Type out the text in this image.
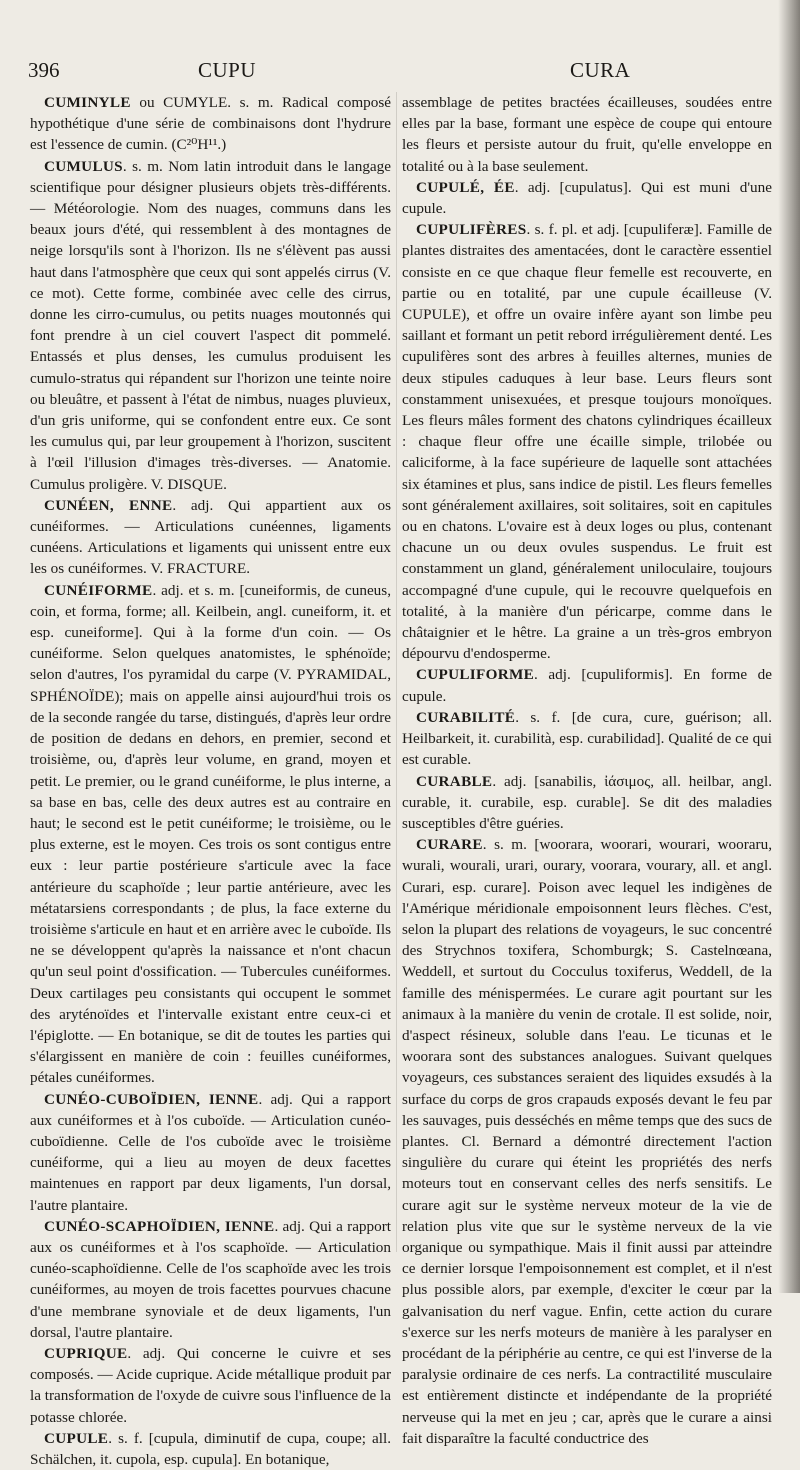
396	CUPU	CURA

CUMINYLE ou CUMYLE. s. m. Radical composé hypothétique d'une série de combinaisons dont l'hydrure est l'essence de cumin. (C²⁰H¹¹.)

CUMULUS. s. m. Nom latin introduit dans le langage scientifique pour désigner plusieurs objets très-différents.— Météorologie. Nom des nuages, communs dans les beaux jours d'été, qui ressemblent à des montagnes de neige lorsqu'ils sont à l'horizon. Ils ne s'élèvent pas aussi haut dans l'atmosphère que ceux qui sont appelés cirrus (V. ce mot). Cette forme, combinée avec celle des cirrus, donne les cirro-cumulus, ou petits nuages moutonnés qui font prendre à un ciel couvert l'aspect dit pommelé. Entassés et plus denses, les cumulus produisent les cumulo-stratus qui répandent sur l'horizon une teinte noire ou bleuâtre, et passent à l'état de nimbus, nuages pluvieux, d'un gris uniforme, qui se confondent entre eux. Ce sont les cumulus qui, par leur groupement à l'horizon, suscitent à l'œil l'illusion d'images très-diverses. — Anatomie. Cumulus proligère. V. DISQUE.

CUNÉEN, ENNE. adj. Qui appartient aux os cunéiformes. — Articulations cunéennes, ligaments cunéens. Articulations et ligaments qui unissent entre eux les os cunéiformes. V. FRACTURE.

CUNÉIFORME. adj. et s. m. [cuneiformis, de cuneus, coin, et forma, forme; all. Keilbein, angl. cuneiform, it. et esp. cuneiforme]. Qui à la forme d'un coin. — Os cunéiforme. Selon quelques anatomistes, le sphénoïde; selon d'autres, l'os pyramidal du carpe (V. PYRAMIDAL, SPHÉNOÏDE); mais on appelle ainsi aujourd'hui trois os de la seconde rangée du tarse, distingués, d'après leur ordre de position de dedans en dehors, en premier, second et troisième, ou, d'après leur volume, en grand, moyen et petit. Le premier, ou le grand cunéiforme, le plus interne, a sa base en bas, celle des deux autres est au contraire en haut; le second est le petit cunéiforme; le troisième, ou le plus externe, est le moyen. Ces trois os sont contigus entre eux : leur partie postérieure s'articule avec la face antérieure du scaphoïde ; leur partie antérieure, avec les métatarsiens correspondants ; de plus, la face externe du troisième s'articule en haut et en arrière avec le cuboïde. Ils ne se développent qu'après la naissance et n'ont chacun qu'un seul point d'ossification. — Tubercules cunéiformes. Deux cartilages peu consistants qui occupent le sommet des aryténoïdes et l'intervalle existant entre ceux-ci et l'épiglotte. — En botanique, se dit de toutes les parties qui s'élargissent en manière de coin : feuilles cunéiformes, pétales cunéiformes.

CUNÉO-CUBOÏDIEN, IENNE. adj. Qui a rapport aux cunéiformes et à l'os cuboïde. — Articulation cunéo-cuboïdienne. Celle de l'os cuboïde avec le troisième cunéiforme, qui a lieu au moyen de deux facettes maintenues en rapport par deux ligaments, l'un dorsal, l'autre plantaire.

CUNÉO-SCAPHOÏDIEN, IENNE. adj. Qui a rapport aux os cunéiformes et à l'os scaphoïde. — Articulation cunéo-scaphoïdienne. Celle de l'os scaphoïde avec les trois cunéiformes, au moyen de trois facettes pourvues chacune d'une membrane synoviale et de deux ligaments, l'un dorsal, l'autre plantaire.

CUPRIQUE. adj. Qui concerne le cuivre et ses composés. — Acide cuprique. Acide métallique produit par la transformation de l'oxyde de cuivre sous l'influence de la potasse chlorée.

CUPULE. s. f. [cupula, diminutif de cupa, coupe; all. Schälchen, it. cupola, esp. cupula]. En botanique,

assemblage de petites bractées écailleuses, soudées entre elles par la base, formant une espèce de coupe qui entoure les fleurs et persiste autour du fruit, qu'elle enveloppe en totalité ou à la base seulement.

CUPULÉ, ÉE. adj. [cupulatus]. Qui est muni d'une cupule.

CUPULIFÈRES. s. f. pl. et adj. [cupuliferæ]. Famille de plantes distraites des amentacées, dont le caractère essentiel consiste en ce que chaque fleur femelle est recouverte, en partie ou en totalité, par une cupule écailleuse (V. CUPULE), et offre un ovaire infère ayant son limbe peu saillant et formant un petit rebord irrégulièrement denté. Les cupulifères sont des arbres à feuilles alternes, munies de deux stipules caduques à leur base. Leurs fleurs sont constamment unisexuées, et presque toujours monoïques. Les fleurs mâles forment des chatons cylindriques écailleux : chaque fleur offre une écaille simple, trilobée ou caliciforme, à la face supérieure de laquelle sont attachées six étamines et plus, sans indice de pistil. Les fleurs femelles sont généralement axillaires, soit solitaires, soit en capitules ou en chatons. L'ovaire est à deux loges ou plus, contenant chacune un ou deux ovules suspendus. Le fruit est constamment un gland, généralement uniloculaire, toujours accompagné d'une cupule, qui le recouvre quelquefois en totalité, à la manière d'un péricarpe, comme dans le châtaignier et le hêtre. La graine a un très-gros embryon dépourvu d'endosperme.

CUPULIFORME. adj. [cupuliformis]. En forme de cupule.

CURABILITÉ. s. f. [de cura, cure, guérison; all. Heilbarkeit, it. curabilità, esp. curabilidad]. Qualité de ce qui est curable.

CURABLE. adj. [sanabilis, ἰάσιμος, all. heilbar, angl. curable, it. curabile, esp. curable]. Se dit des maladies susceptibles d'être guéries.

CURARE. s. m. [woorara, woorari, wourari, wooraru, wurali, wourali, urari, ourary, voorara, vourary, all. et angl. Curari, esp. curare]. Poison avec lequel les indigènes de l'Amérique méridionale empoisonnent leurs flèches. C'est, selon la plupart des relations de voyageurs, le suc concentré des Strychnos toxifera, Schomburgk; S. Castelnœana, Weddell, et surtout du Cocculus toxiferus, Weddell, de la famille des ménispermées. Le curare agit pourtant sur les animaux à la manière du venin de crotale. Il est solide, noir, d'aspect résineux, soluble dans l'eau. Le ticunas et le woorara sont des substances analogues. Suivant quelques voyageurs, ces substances seraient des liquides exsudés à la surface du corps de gros crapauds exposés devant le feu par les sauvages, puis desséchés en même temps que des sucs de plantes. Cl. Bernard a démontré directement l'action singulière du curare qui éteint les propriétés des nerfs moteurs tout en conservant celles des nerfs sensitifs. Le curare agit sur le système nerveux moteur de la vie de relation plus vite que sur le système nerveux de la vie organique ou sympathique. Mais il finit aussi par atteindre ce dernier lorsque l'empoisonnement est complet, et il n'est plus possible alors, par exemple, d'exciter le cœur par la galvanisation du nerf vague. Enfin, cette action du curare s'exerce sur les nerfs moteurs de manière à les paralyser en procédant de la périphérie au centre, ce qui est l'inverse de la paralysie ordinaire de ces nerfs. La contractilité musculaire est entièrement distincte et indépendante de la propriété nerveuse qui la met en jeu ; car, après que le curare a ainsi fait disparaître la faculté conductrice des
